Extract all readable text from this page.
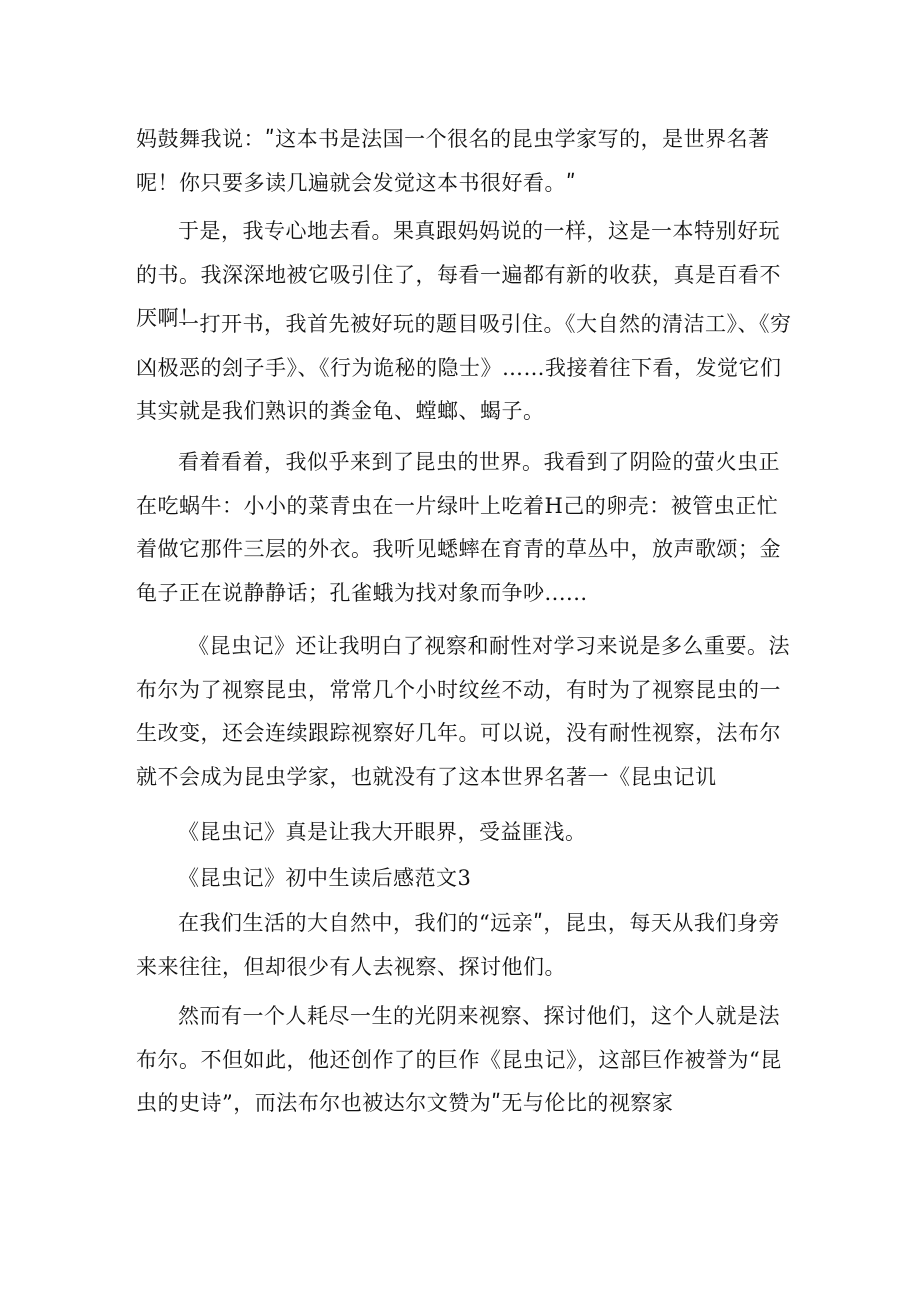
妈鼓舞我说：ʺ这本书是法国一个很名的昆虫学家写的，是世界名著呢！你只要多读几遍就会发觉这本书很好看。ʺ

于是，我专心地去看。果真跟妈妈说的一样，这是一本特别好玩的书。我深深地被它吸引住了，每看一遍都有新的收获，真是百看不厌啊！

一打开书，我首先被好玩的题目吸引住。《大自然的清洁工》、《穷凶极恶的刽子手》、《行为诡秘的隐士》……我接着往下看，发觉它们其实就是我们熟识的粪金龟、螳螂、蝎子。

看着看着，我似乎来到了昆虫的世界。我看到了阴险的萤火虫正在吃蜗牛：小小的菜青虫在一片绿叶上吃着H己的卵壳：被管虫正忙着做它那件三层的外衣。我听见蟋蟀在育青的草丛中，放声歌颂；金龟子正在说静静话；孔雀蛾为找对象而争吵......

《昆虫记》还让我明白了视察和耐性对学习来说是多么重要。法布尔为了视察昆虫，常常几个小时纹丝不动，有时为了视察昆虫的一生改变，还会连续跟踪视察好几年。可以说，没有耐性视察，法布尔就不会成为昆虫学家，也就没有了这本世界名著一《昆虫记讥

《昆虫记》真是让我大开眼界，受益匪浅。

《昆虫记》初中生读后感范文3

在我们生活的大自然中，我们的“远亲ʺ，昆虫，每天从我们身旁来来往往，但却很少有人去视察、探讨他们。

然而有一个人耗尽一生的光阴来视察、探讨他们，这个人就是法布尔。不但如此，他还创作了的巨作《昆虫记》，这部巨作被誉为“昆虫的史诗”，而法布尔也被达尔文赞为ʺ无与伦比的视察家
